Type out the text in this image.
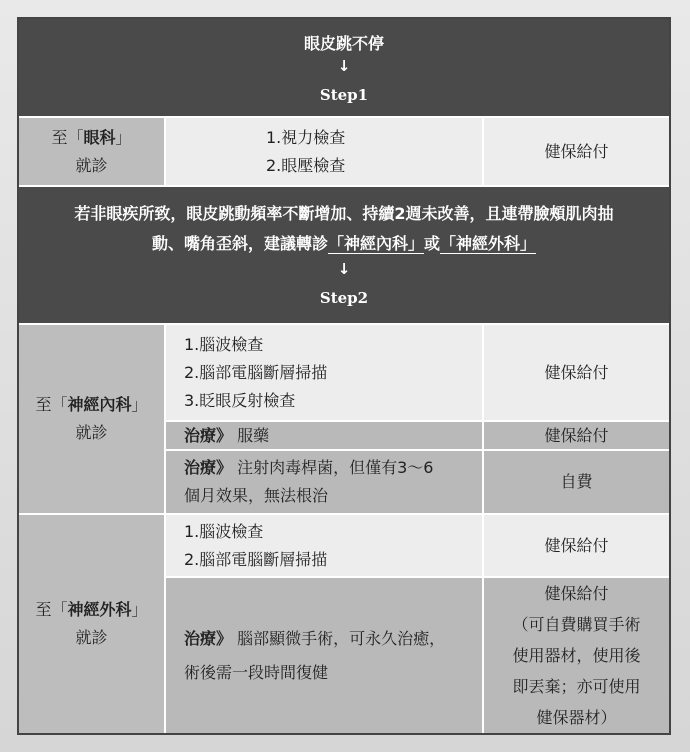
眼皮跳不停
↓
Step1
至「眼科」
就診
1.視力檢查
2.眼壓檢查
健保給付
若非眼疾所致，眼皮跳動頻率不斷增加、持續2週未改善，且連帶臉頰肌肉抽
動、嘴角歪斜，建議轉診「神經內科」或「神經外科」
↓
Step2
至「神經內科」
就診
1.腦波檢查
2.腦部電腦斷層掃描
3.眨眼反射檢查
健保給付
治療》
服藥	健保給付
治療》 注射肉毒桿菌，但僅有3～6
個月效果，無法根治
自費
至「神經外科」
就診
1.腦波檢查
2.腦部電腦斷層掃描
健保給付
治療》 腦部顯微手術，可永久治癒，
術後需一段時間復健
健保給付
（可自費購買手術
使用器材，使用後
即丟棄；亦可使用
健保器材）
